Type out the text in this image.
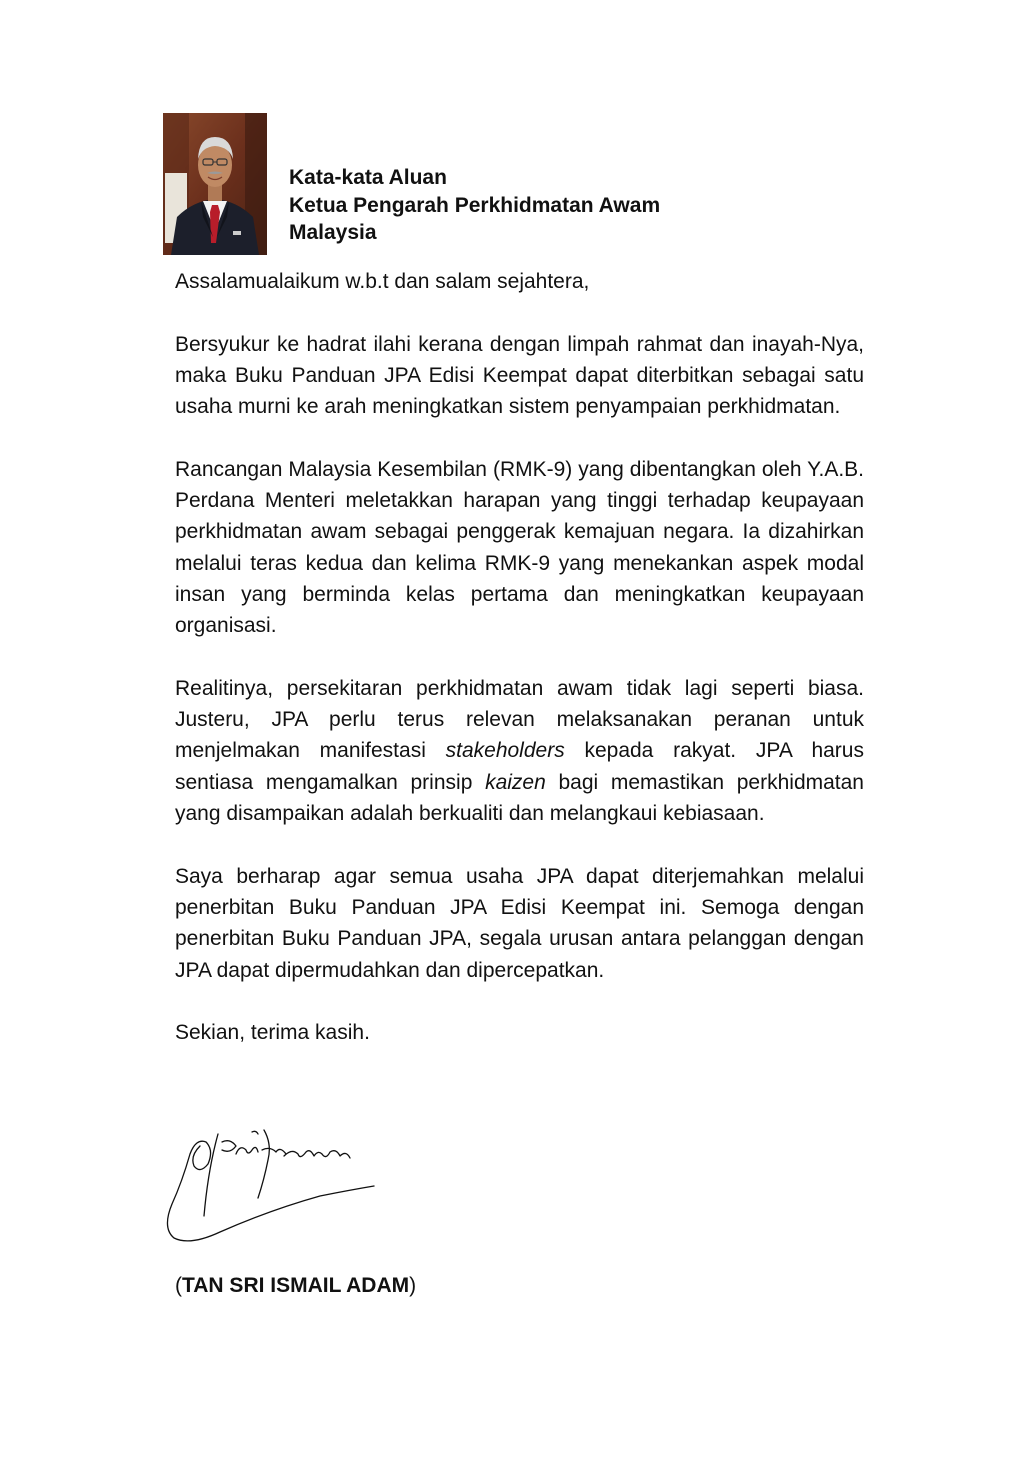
Kata-kata Aluan
Ketua Pengarah Perkhidmatan Awam
Malaysia

Assalamualaikum w.b.t dan salam sejahtera,

Bersyukur ke hadrat ilahi kerana dengan limpah rahmat dan inayah-Nya, maka Buku Panduan JPA Edisi Keempat dapat diterbitkan sebagai satu usaha murni ke arah meningkatkan sistem penyampaian perkhidmatan.

Rancangan Malaysia Kesembilan (RMK-9) yang dibentangkan oleh Y.A.B. Perdana Menteri meletakkan harapan yang tinggi terhadap keupayaan perkhidmatan awam sebagai penggerak kemajuan negara. Ia dizahirkan melalui teras kedua dan kelima RMK-9 yang menekankan aspek modal insan yang berminda kelas pertama dan meningkatkan keupayaan organisasi.

Realitinya, persekitaran perkhidmatan awam tidak lagi seperti biasa. Justeru, JPA perlu terus relevan melaksanakan peranan untuk menjelmakan manifestasi stakeholders kepada rakyat. JPA harus sentiasa mengamalkan prinsip kaizen bagi memastikan perkhidmatan yang disampaikan adalah berkualiti dan melangkaui kebiasaan.

Saya berharap agar semua usaha JPA dapat diterjemahkan melalui penerbitan Buku Panduan JPA Edisi Keempat ini. Semoga dengan penerbitan Buku Panduan JPA, segala urusan antara pelanggan dengan JPA dapat dipermudahkan dan dipercepatkan.

Sekian, terima kasih.

(TAN SRI ISMAIL ADAM)
